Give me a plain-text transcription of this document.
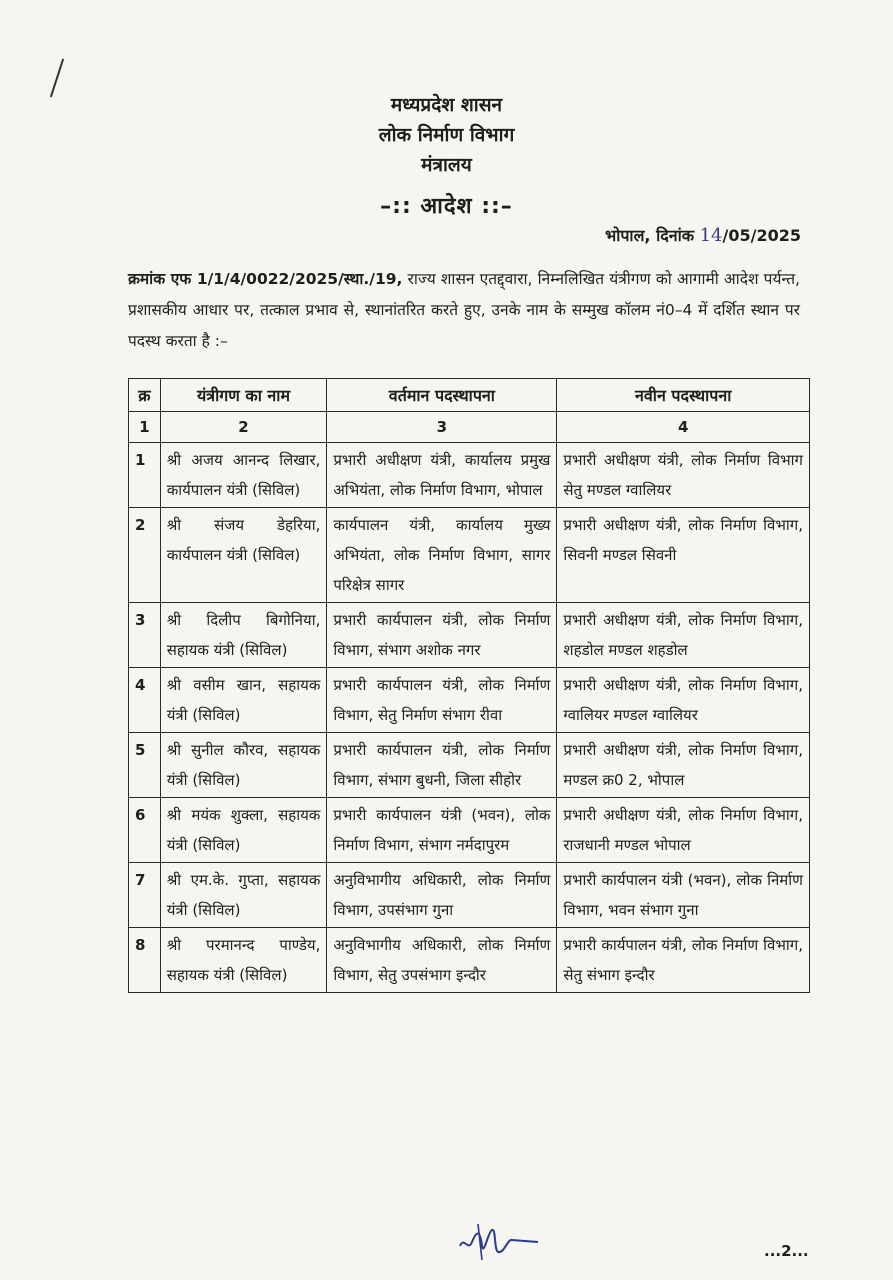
मध्यप्रदेश शासन
लोक निर्माण विभाग
मंत्रालय
–:: आदेश ::–
भोपाल, दिनांक 14/05/2025
क्रमांक एफ 1/1/4/0022/2025/स्था./19, राज्य शासन एतद्द्वारा, निम्नलिखित यंत्रीगण को आगामी आदेश पर्यन्त, प्रशासकीय आधार पर, तत्काल प्रभाव से, स्थानांतरित करते हुए, उनके नाम के सम्मुख कॉलम नं0–4 में दर्शित स्थान पर पदस्थ करता है :–
क्र	यंत्रीगण का नाम	वर्तमान पदस्थापना	नवीन पदस्थापना
1	2	3	4
1	श्री अजय आनन्द लिखार, कार्यपालन यंत्री (सिविल)	प्रभारी अधीक्षण यंत्री, कार्यालय प्रमुख अभियंता, लोक निर्माण विभाग, भोपाल	प्रभारी अधीक्षण यंत्री, लोक निर्माण विभाग सेतु मण्डल ग्वालियर
2	श्री संजय डेहरिया, कार्यपालन यंत्री (सिविल)	कार्यपालन यंत्री, कार्यालय मुख्य अभियंता, लोक निर्माण विभाग, सागर परिक्षेत्र सागर	प्रभारी अधीक्षण यंत्री, लोक निर्माण विभाग, सिवनी मण्डल सिवनी
3	श्री दिलीप बिगोनिया, सहायक यंत्री (सिविल)	प्रभारी कार्यपालन यंत्री, लोक निर्माण विभाग, संभाग अशोक नगर	प्रभारी अधीक्षण यंत्री, लोक निर्माण विभाग, शहडोल मण्डल शहडोल
4	श्री वसीम खान, सहायक यंत्री (सिविल)	प्रभारी कार्यपालन यंत्री, लोक निर्माण विभाग, सेतु निर्माण संभाग रीवा	प्रभारी अधीक्षण यंत्री, लोक निर्माण विभाग, ग्वालियर मण्डल ग्वालियर
5	श्री सुनील कौरव, सहायक यंत्री (सिविल)	प्रभारी कार्यपालन यंत्री, लोक निर्माण विभाग, संभाग बुधनी, जिला सीहोर	प्रभारी अधीक्षण यंत्री, लोक निर्माण विभाग, मण्डल क्र0 2, भोपाल
6	श्री मयंक शुक्ला, सहायक यंत्री (सिविल)	प्रभारी कार्यपालन यंत्री (भवन), लोक निर्माण विभाग, संभाग नर्मदापुरम	प्रभारी अधीक्षण यंत्री, लोक निर्माण विभाग, राजधानी मण्डल भोपाल
7	श्री एम.के. गुप्ता, सहायक यंत्री (सिविल)	अनुविभागीय अधिकारी, लोक निर्माण विभाग, उपसंभाग गुना	प्रभारी कार्यपालन यंत्री (भवन), लोक निर्माण विभाग, भवन संभाग गुना
8	श्री परमानन्द पाण्डेय, सहायक यंत्री (सिविल)	अनुविभागीय अधिकारी, लोक निर्माण विभाग, सेतु उपसंभाग इन्दौर	प्रभारी कार्यपालन यंत्री, लोक निर्माण विभाग, सेतु संभाग इन्दौर
...2...
